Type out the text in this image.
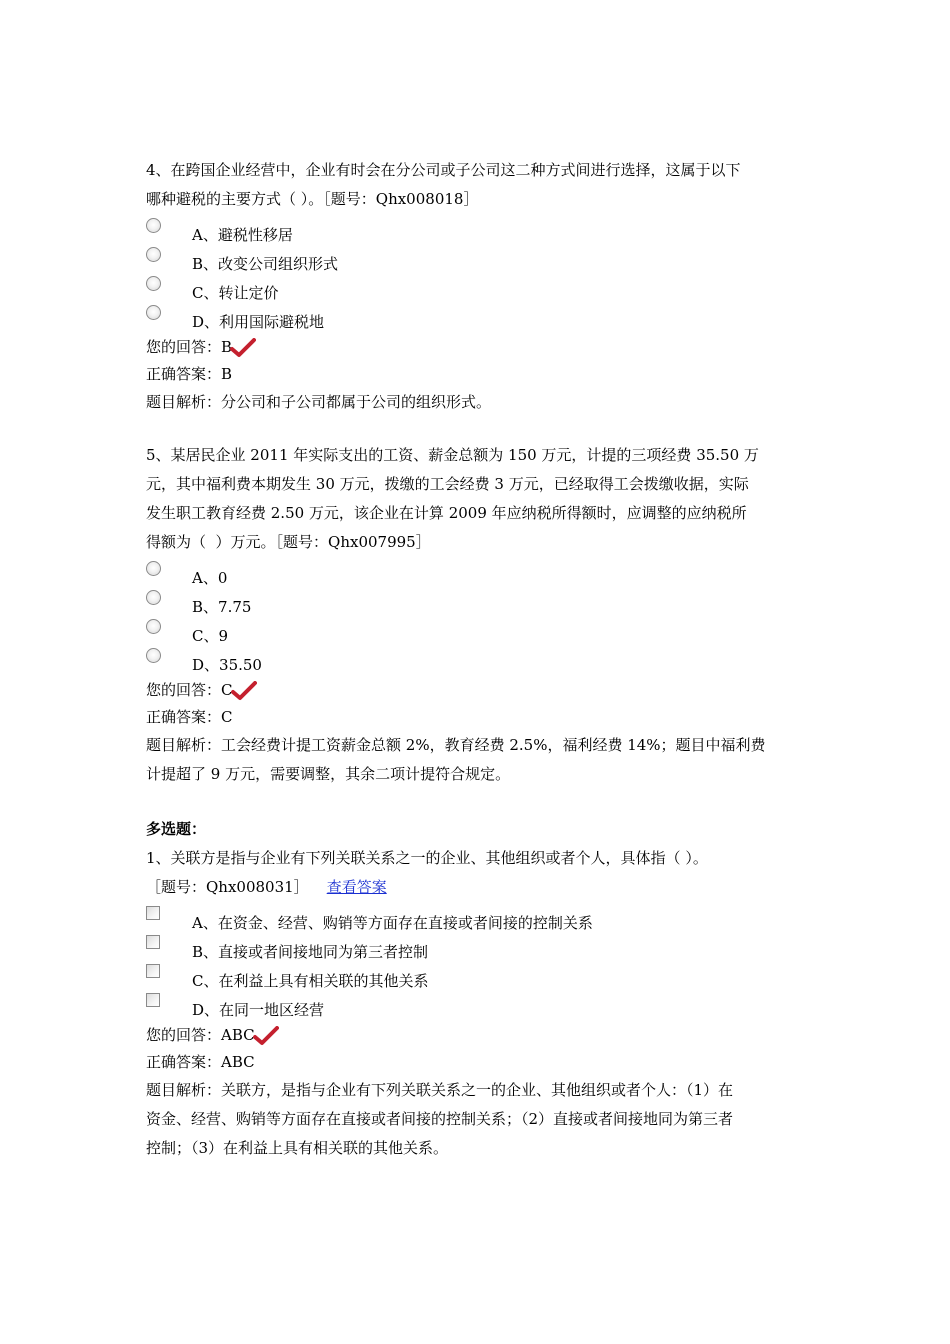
4、在跨国企业经营中，企业有时会在分公司或子公司这二种方式间进行选择，这属于以下
哪种避税的主要方式（ ）。［题号：Qhx008018］
A、避税性移居
B、改变公司组织形式
C、转让定价
D、利用国际避税地
您的回答：B
正确答案：B
题目解析：分公司和子公司都属于公司的组织形式。
5、某居民企业 2011 年实际支出的工资、薪金总额为 150 万元，计提的三项经费 35.50 万
元，其中福利费本期发生 30 万元，拨缴的工会经费 3 万元，已经取得工会拨缴收据，实际
发生职工教育经费 2.50 万元，该企业在计算 2009 年应纳税所得额时，应调整的应纳税所
得额为（  ）万元。［题号：Qhx007995］
A、0
B、7.75
C、9
D、35.50
您的回答：C
正确答案：C
题目解析：工会经费计提工资薪金总额 2%，教育经费 2.5%，福利经费 14%；题目中福利费
计提超了 9 万元，需要调整，其余二项计提符合规定。
多选题：
1、关联方是指与企业有下列关联关系之一的企业、其他组织或者个人，具体指（ ）。
［题号：Qhx008031］ 查看答案
A、在资金、经营、购销等方面存在直接或者间接的控制关系
B、直接或者间接地同为第三者控制
C、在利益上具有相关联的其他关系
D、在同一地区经营
您的回答：ABC
正确答案：ABC
题目解析：关联方，是指与企业有下列关联关系之一的企业、其他组织或者个人：（1）在
资金、经营、购销等方面存在直接或者间接的控制关系；（2）直接或者间接地同为第三者
控制；（3）在利益上具有相关联的其他关系。
